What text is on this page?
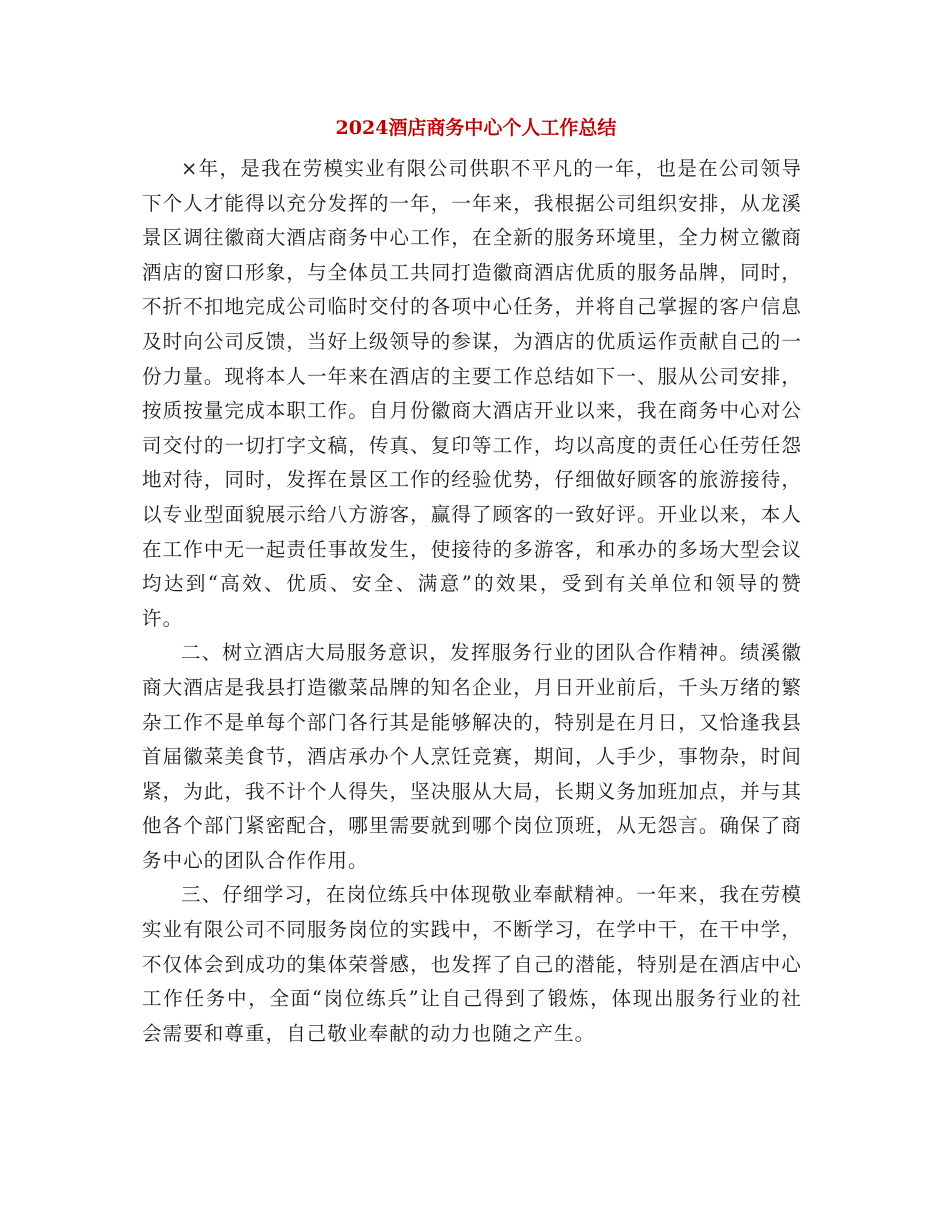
2024酒店商务中心个人工作总结

×年，是我在劳模实业有限公司供职不平凡的一年，也是在公司领导下个人才能得以充分发挥的一年，一年来，我根据公司组织安排，从龙溪景区调往徽商大酒店商务中心工作，在全新的服务环境里，全力树立徽商酒店的窗口形象，与全体员工共同打造徽商酒店优质的服务品牌，同时，不折不扣地完成公司临时交付的各项中心任务，并将自己掌握的客户信息及时向公司反馈，当好上级领导的参谋，为酒店的优质运作贡献自己的一份力量。现将本人一年来在酒店的主要工作总结如下一、服从公司安排，按质按量完成本职工作。自月份徽商大酒店开业以来，我在商务中心对公司交付的一切打字文稿，传真、复印等工作，均以高度的责任心任劳任怨地对待，同时，发挥在景区工作的经验优势，仔细做好顾客的旅游接待，以专业型面貌展示给八方游客，赢得了顾客的一致好评。开业以来，本人在工作中无一起责任事故发生，使接待的多游客，和承办的多场大型会议均达到“高效、优质、安全、满意”的效果，受到有关单位和领导的赞许。

二、树立酒店大局服务意识，发挥服务行业的团队合作精神。绩溪徽商大酒店是我县打造徽菜品牌的知名企业，月日开业前后，千头万绪的繁杂工作不是单每个部门各行其是能够解决的，特别是在月日，又恰逢我县首届徽菜美食节，酒店承办个人烹饪竞赛，期间，人手少，事物杂，时间紧，为此，我不计个人得失，坚决服从大局，长期义务加班加点，并与其他各个部门紧密配合，哪里需要就到哪个岗位顶班，从无怨言。确保了商务中心的团队合作作用。

三、仔细学习，在岗位练兵中体现敬业奉献精神。一年来，我在劳模实业有限公司不同服务岗位的实践中，不断学习，在学中干，在干中学，不仅体会到成功的集体荣誉感，也发挥了自己的潜能，特别是在酒店中心工作任务中，全面“岗位练兵”让自己得到了锻炼，体现出服务行业的社会需要和尊重，自己敬业奉献的动力也随之产生。
